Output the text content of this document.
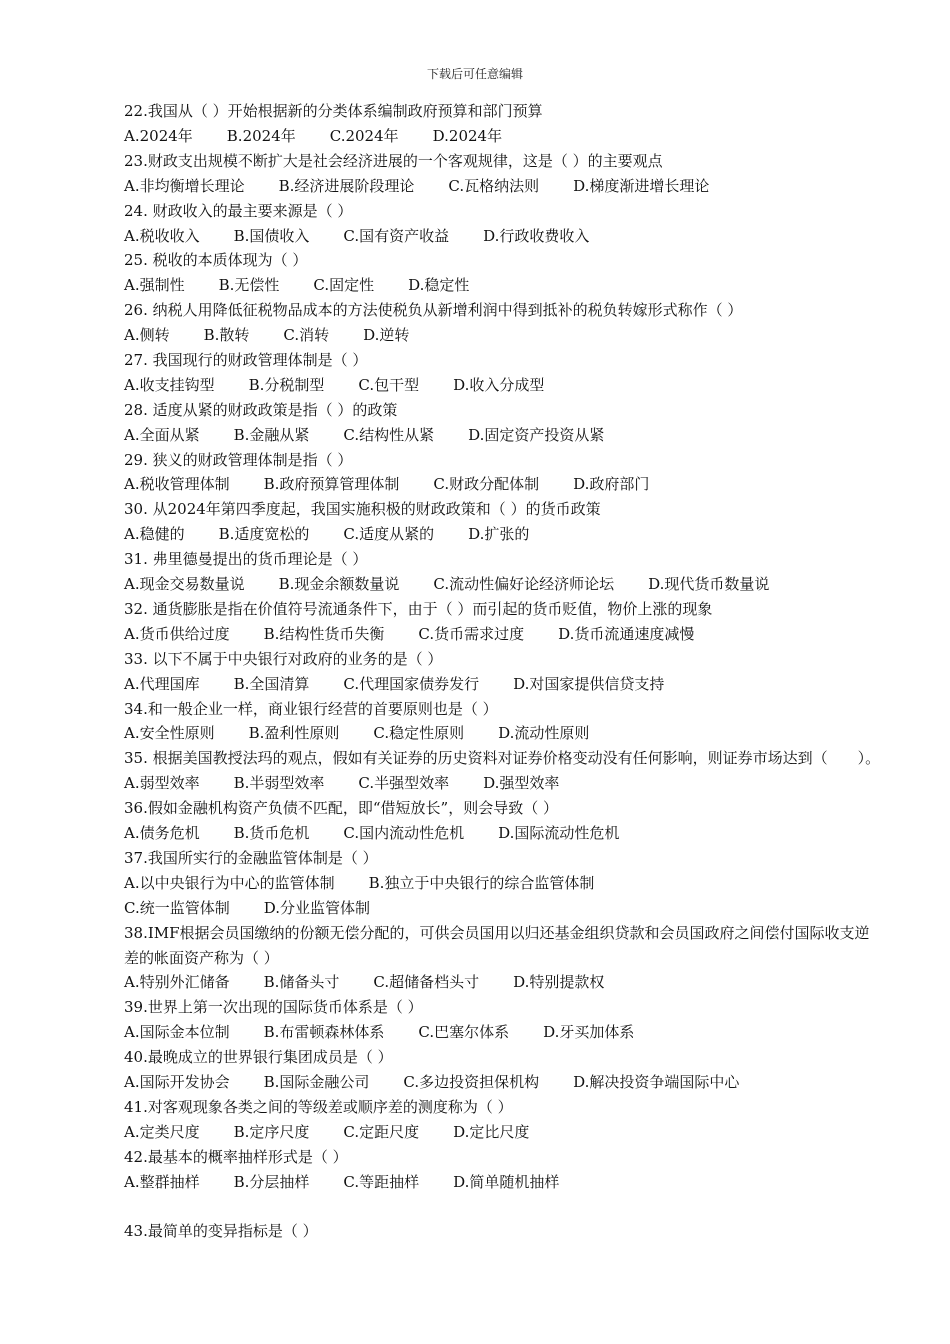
下载后可任意编辑
22.我国从（ ）开始根据新的分类体系编制政府预算和部门预算
A.2024年 B.2024年 C.2024年 D.2024年
23.财政支出规模不断扩大是社会经济进展的一个客观规律，这是（ ）的主要观点
A.非均衡增长理论 B.经济进展阶段理论 C.瓦格纳法则 D.梯度渐进增长理论
24. 财政收入的最主要来源是（ ）
A.税收收入 B.国债收入 C.国有资产收益 D.行政收费收入
25. 税收的本质体现为（ ）
A.强制性 B.无偿性 C.固定性 D.稳定性
26. 纳税人用降低征税物品成本的方法使税负从新增利润中得到抵补的税负转嫁形式称作（ ）
A.侧转 B.散转 C.消转 D.逆转
27. 我国现行的财政管理体制是（ ）
A.收支挂钩型 B.分税制型 C.包干型 D.收入分成型
28. 适度从紧的财政政策是指（ ）的政策
A.全面从紧 B.金融从紧 C.结构性从紧 D.固定资产投资从紧
29. 狭义的财政管理体制是指（ ）
A.税收管理体制 B.政府预算管理体制 C.财政分配体制 D.政府部门
30. 从2024年第四季度起，我国实施积极的财政政策和（ ）的货币政策
A.稳健的 B.适度宽松的 C.适度从紧的 D.扩张的
31. 弗里德曼提出的货币理论是（ ）
A.现金交易数量说 B.现金余额数量说 C.流动性偏好论经济师论坛 D.现代货币数量说
32. 通货膨胀是指在价值符号流通条件下，由于（ ）而引起的货币贬值，物价上涨的现象
A.货币供给过度 B.结构性货币失衡 C.货币需求过度 D.货币流通速度减慢
33. 以下不属于中央银行对政府的业务的是（ ）
A.代理国库 B.全国清算 C.代理国家债券发行 D.对国家提供信贷支持
34.和一般企业一样，商业银行经营的首要原则也是（ ）
A.安全性原则 B.盈利性原则 C.稳定性原则 D.流动性原则
35. 根据美国教授法玛的观点，假如有关证券的历史资料对证券价格变动没有任何影响，则证券市场达到（　　）。
A.弱型效率 B.半弱型效率 C.半强型效率 D.强型效率
36.假如金融机构资产负债不匹配，即“借短放长”，则会导致（ ）
A.债务危机 B.货币危机 C.国内流动性危机 D.国际流动性危机
37.我国所实行的金融监管体制是（ ）
A.以中央银行为中心的监管体制 B.独立于中央银行的综合监管体制
C.统一监管体制 D.分业监管体制
38.IMF根据会员国缴纳的份额无偿分配的，可供会员国用以归还基金组织贷款和会员国政府之间偿付国际收支逆差的帐面资产称为（ ）
A.特别外汇储备 B.储备头寸 C.超储备档头寸 D.特别提款权
39.世界上第一次出现的国际货币体系是（ ）
A.国际金本位制 B.布雷顿森林体系 C.巴塞尔体系 D.牙买加体系
40.最晚成立的世界银行集团成员是（ ）
A.国际开发协会 B.国际金融公司 C.多边投资担保机构 D.解决投资争端国际中心
41.对客观现象各类之间的等级差或顺序差的测度称为（ ）
A.定类尺度 B.定序尺度 C.定距尺度 D.定比尺度
42.最基本的概率抽样形式是（ ）
A.整群抽样 B.分层抽样 C.等距抽样 D.简单随机抽样
43.最简单的变异指标是（ ）
